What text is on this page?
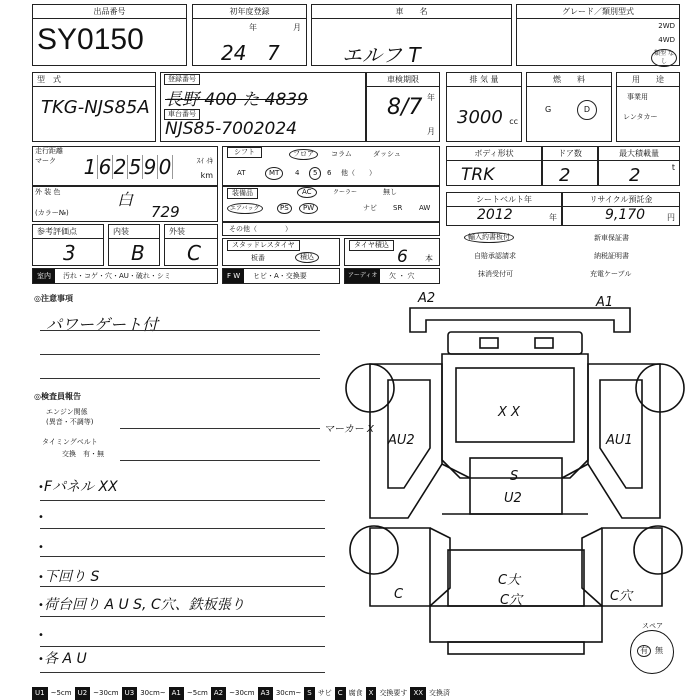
出品番号
SY0150
初年度登録
年	月
24 7
車　　名
エルフ T
グレード／類別型式
2WD
4WD
類型 なし
型　式
TKG-NJS85A
登録番号
長野 400 た 4839
車台番号
NJS85-7002024
車検期限
8/7 年
月
排 気 量
3000 cc
燃　　料
G	D
用　　途
事業用
レンタカー
走行距離
マーク 1 6 2 5 9 0	ｽｲ ｲｷ
km
シフト	フロア	コラム	ダッシュ
AT	MT	4	5	6 他（　　）
ボディ形状
TRK
ドア数
2
最大積載量
2	t
外 装 色	白
(カラー№)	729
装備品	AC	クーラー	無し
エアバッグ	PS	PW	ナビ SR AW
その他（　　　　）
シートベルト年
2012	年
リサイクル預託金
9,170	円
参考評価点
3
内装
B
外装
C	スタッドレスタイヤ
板番	積込
タイヤ積込
6 本
輸入約書板付	新車保証書
自賠承認請求	納税証明書
抹消受付可	充電ケーブル
室内	汚れ・コゲ・穴・AU・破れ・シミ	F W	ヒビ・A・交換要	アーディオ	欠 ・ 穴
◎注意事項
パワーゲート付
◎検査員報告
エンジン関係
(異音・不調等)
タイミングベルト
交換　有・無
Fパネル XX
下回り S
荷台回り A U S, C穴、鉄板張り
各 A U
•
•
•
•
•
•
•
A2	A1
X X
マーカー X
AU2	AU1
S
U2
C	C穴
C大
C穴
スペア
有 無
U1 ~5cm U2 ~30cm U3 30cm~ A1 ~5cm A2 ~30cm A3 30cm~ S サビ C 腐食 X 交換要す XX 交換済
